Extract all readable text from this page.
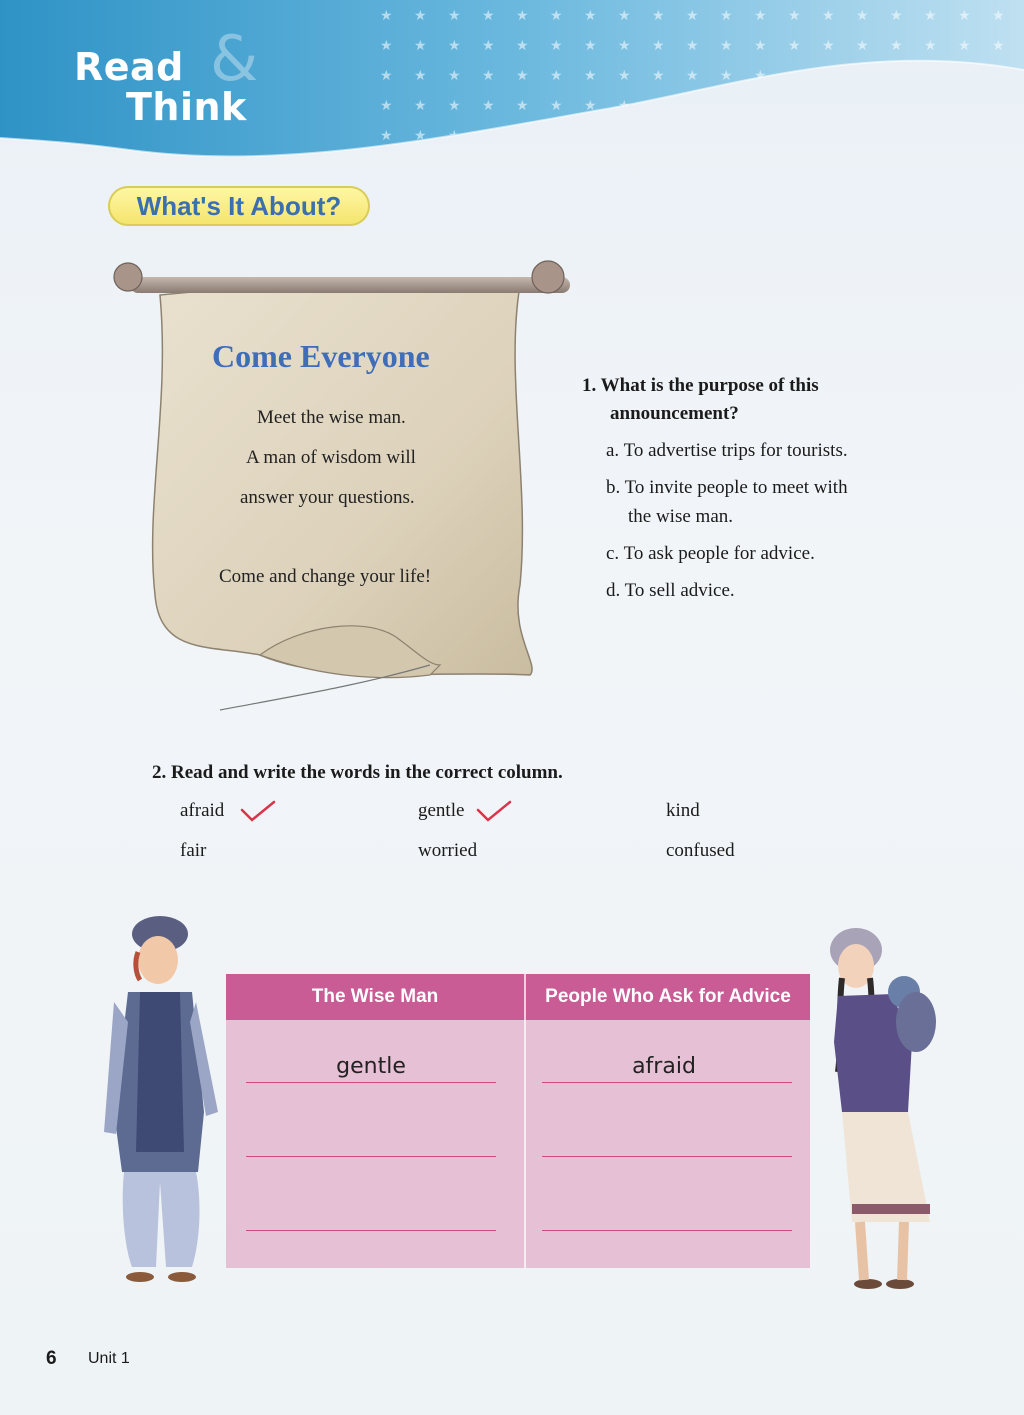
Read &
Think
What's It About?
Come Everyone
Meet the wise man.
A man of wisdom will
answer your questions.
Come and change your life!
1. What is the purpose of this
announcement?
a. To advertise trips for tourists.
b. To invite people to meet with
the wise man.
c. To ask people for advice.
d. To sell advice.
2. Read and write the words in the correct column.
afraid	gentle	kind
fair	worried	confused
The Wise Man	People Who Ask for Advice
gentle	afraid
6 Unit 1
